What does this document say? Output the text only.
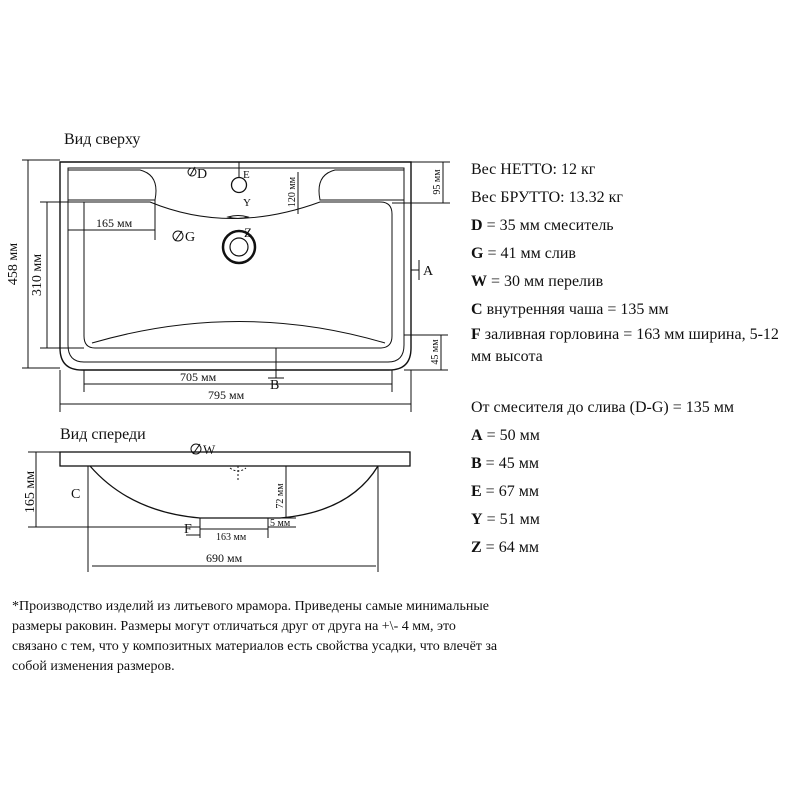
458 мм 310 мм
165 мм
120 мм	95 мм
45 мм
705 мм
795 мм
165 мм	72 мм
163 мм
5 мм
690 мм
D	E
Y
G	Z
A
B
W
C
F
Вид сверху
Вид спереди
Вес НЕТТО: 12 кг
Вес БРУТТО: 13.32 кг
D = 35 мм смеситель
G = 41 мм слив
W = 30 мм перелив
С внутренняя чаша = 135 мм
F заливная горловина = 163 мм ширина, 5-12 мм высота
От смесителя до слива (D-G) = 135 мм
А = 50 мм
В = 45 мм
Е = 67 мм
Y = 51 мм
Z = 64 мм
*Производство изделий из литьевого мрамора. Приведены самые минимальные размеры раковин. Размеры могут отличаться друг от друга на +\- 4 мм, это связано с тем, что у композитных материалов есть свойства усадки, что влечёт за собой изменения размеров.
